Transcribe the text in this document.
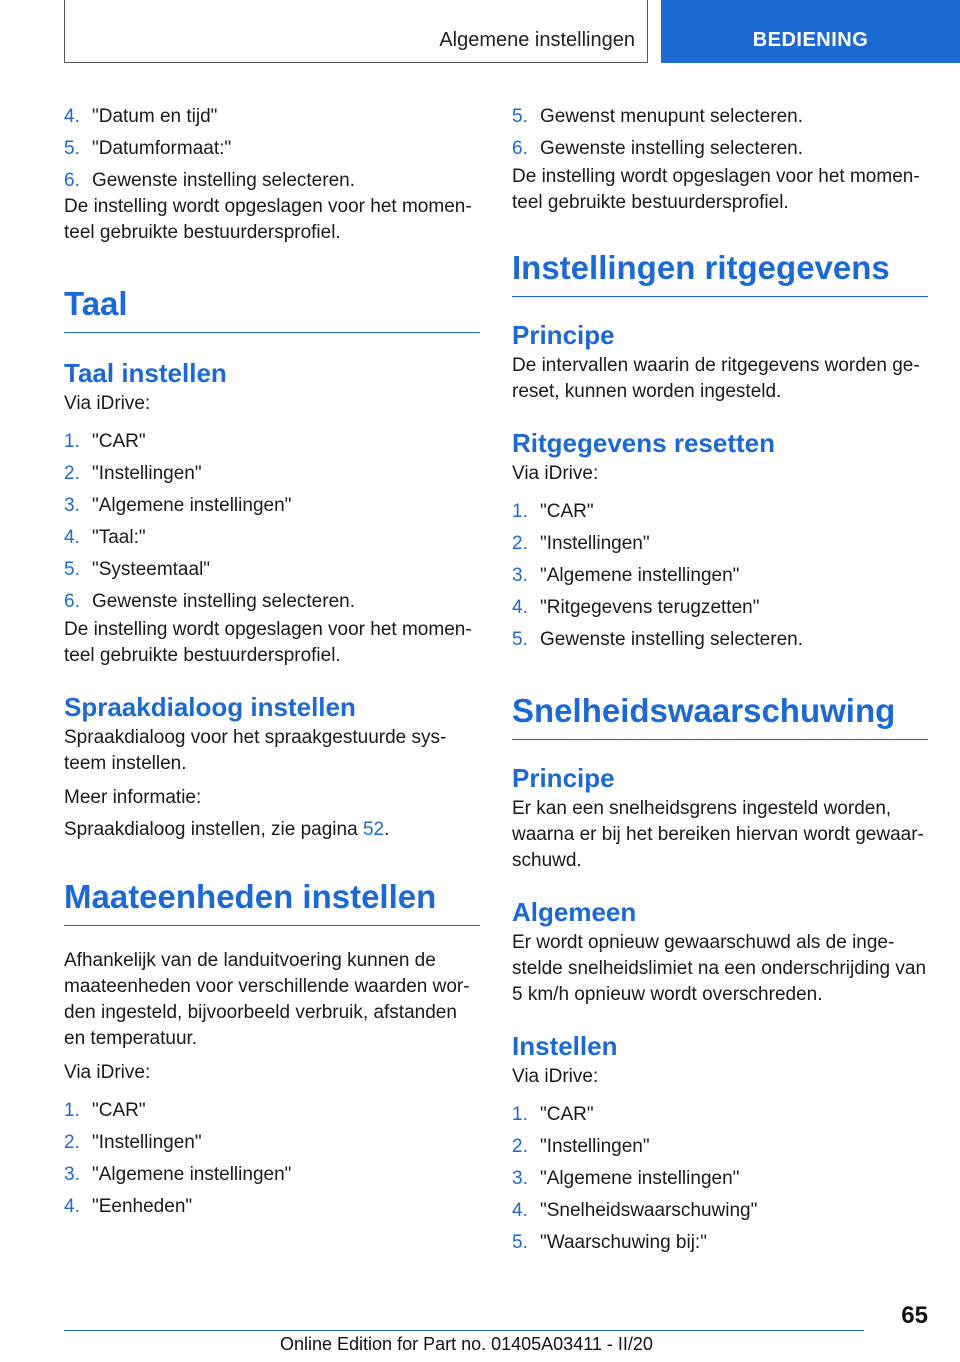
Algemene instellingen	BEDIENING
4. "Datum en tijd"
5. "Datumformaat:"
6. Gewenste instelling selecteren.

De instelling wordt opgeslagen voor het momen-teel gebruikte bestuurdersprofiel.

Taal
Taal instellen

Via iDrive:

1. "CAR"
2. "Instellingen"
3. "Algemene instellingen"
4. "Taal:"
5. "Systeemtaal"
6. Gewenste instelling selecteren.

De instelling wordt opgeslagen voor het momen-teel gebruikte bestuurdersprofiel.

Spraakdialoog instellen

Spraakdialoog voor het spraakgestuurde sys-teem instellen.

Meer informatie:

Spraakdialoog instellen, zie pagina 52.

Maateenheden instellen

Afhankelijk van de landuitvoering kunnen de maateenheden voor verschillende waarden wor-den ingesteld, bijvoorbeeld verbruik, afstanden en temperatuur.

Via iDrive:

1. "CAR"
2. "Instellingen"
3. "Algemene instellingen"
4. "Eenheden"
5. Gewenst menupunt selecteren.
6. Gewenste instelling selecteren.

De instelling wordt opgeslagen voor het momen-teel gebruikte bestuurdersprofiel.

Instellingen ritgegevens
Principe

De intervallen waarin de ritgegevens worden ge-reset, kunnen worden ingesteld.

Ritgegevens resetten

Via iDrive:

1. "CAR"
2. "Instellingen"
3. "Algemene instellingen"
4. "Ritgegevens terugzetten"
5. Gewenste instelling selecteren.
Snelheidswaarschuwing
Principe

Er kan een snelheidsgrens ingesteld worden, waarna er bij het bereiken hiervan wordt gewaar-schuwd.

Algemeen

Er wordt opnieuw gewaarschuwd als de inge-stelde snelheidslimiet na een onderschrijding van 5 km/h opnieuw wordt overschreden.

Instellen

Via iDrive:

1. "CAR"
2. "Instellingen"
3. "Algemene instellingen"
4. "Snelheidswaarschuwing"
5. "Waarschuwing bij:"
65
Online Edition for Part no. 01405A03411 - II/20
